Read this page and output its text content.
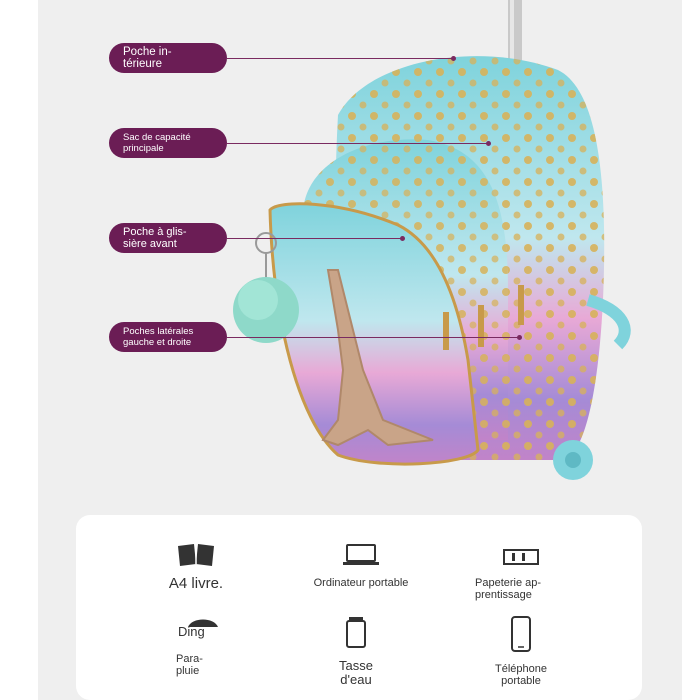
Poche in-
térieure
Sac de capacité
principale
Poche à glis-
sière avant
Poches latérales
gauche et droite
A4 livre.	Ordinateur portable	Papeterie ap-
prentissage
Ding
Para-
pluie	Tasse
d'eau
Téléphone
portable
